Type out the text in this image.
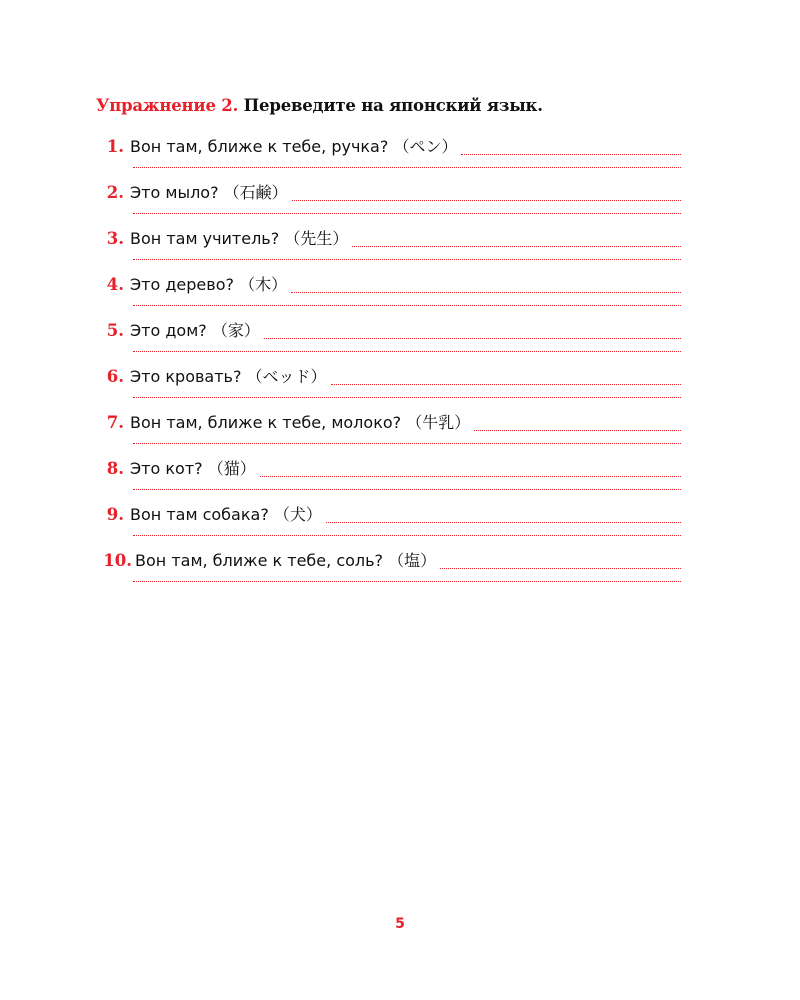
Упражнение 2. Переведите на японский язык.
1. Вон там, ближе к тебе, ручка? （ペン）
2. Это мыло? （石鹸）
3. Вон там учитель? （先生）
4. Это дерево? （木）
5. Это дом? （家）
6. Это кровать? （ベッド）
7. Вон там, ближе к тебе, молоко? （牛乳）
8. Это кот? （猫）
9. Вон там собака? （犬）
10. Вон там, ближе к тебе, соль? （塩）
5
